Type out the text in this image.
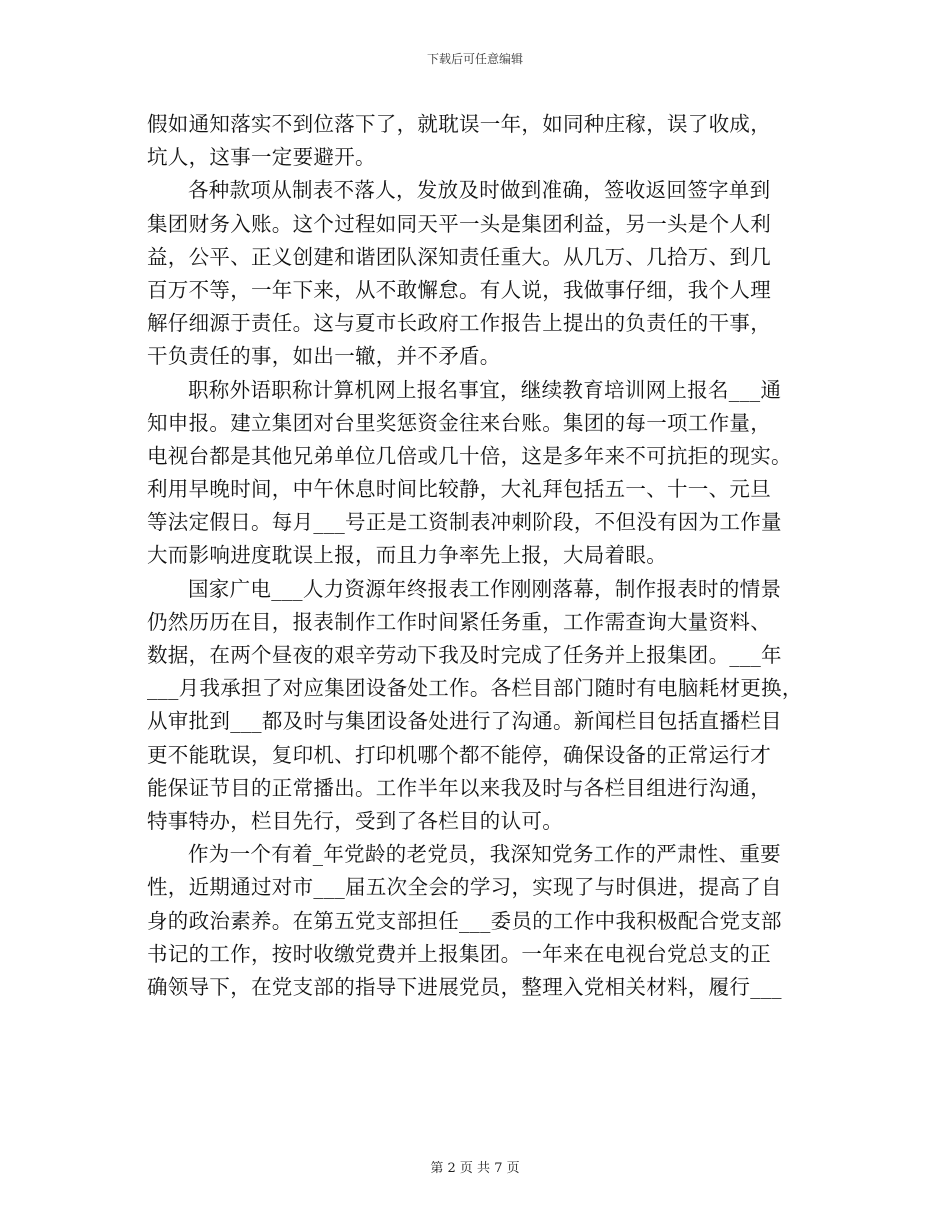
下载后可任意编辑
假如通知落实不到位落下了，就耽误一年，如同种庄稼，误了收成，
坑人，这事一定要避开。
各种款项从制表不落人，发放及时做到准确，签收返回签字单到
集团财务入账。这个过程如同天平一头是集团利益，另一头是个人利
益，公平、正义创建和谐团队深知责任重大。从几万、几拾万、到几
百万不等，一年下来，从不敢懈怠。有人说，我做事仔细，我个人理
解仔细源于责任。这与夏市长政府工作报告上提出的负责任的干事，
干负责任的事，如出一辙，并不矛盾。
职称外语职称计算机网上报名事宜，继续教育培训网上报名___通
知申报。建立集团对台里奖惩资金往来台账。集团的每一项工作量，
电视台都是其他兄弟单位几倍或几十倍，这是多年来不可抗拒的现实。
利用早晚时间，中午休息时间比较静，大礼拜包括五一、十一、元旦
等法定假日。每月___号正是工资制表冲刺阶段，不但没有因为工作量
大而影响进度耽误上报，而且力争率先上报，大局着眼。
国家广电___人力资源年终报表工作刚刚落幕，制作报表时的情景
仍然历历在目，报表制作工作时间紧任务重，工作需查询大量资料、
数据，在两个昼夜的艰辛劳动下我及时完成了任务并上报集团。___年
___月我承担了对应集团设备处工作。各栏目部门随时有电脑耗材更换，
从审批到___都及时与集团设备处进行了沟通。新闻栏目包括直播栏目
更不能耽误，复印机、打印机哪个都不能停，确保设备的正常运行才
能保证节目的正常播出。工作半年以来我及时与各栏目组进行沟通，
特事特办，栏目先行，受到了各栏目的认可。
作为一个有着_年党龄的老党员，我深知党务工作的严肃性、重要
性，近期通过对市___届五次全会的学习，实现了与时俱进，提高了自
身的政治素养。在第五党支部担任___委员的工作中我积极配合党支部
书记的工作，按时收缴党费并上报集团。一年来在电视台党总支的正
确领导下，在党支部的指导下进展党员，整理入党相关材料，履行___
第 2 页 共 7 页
